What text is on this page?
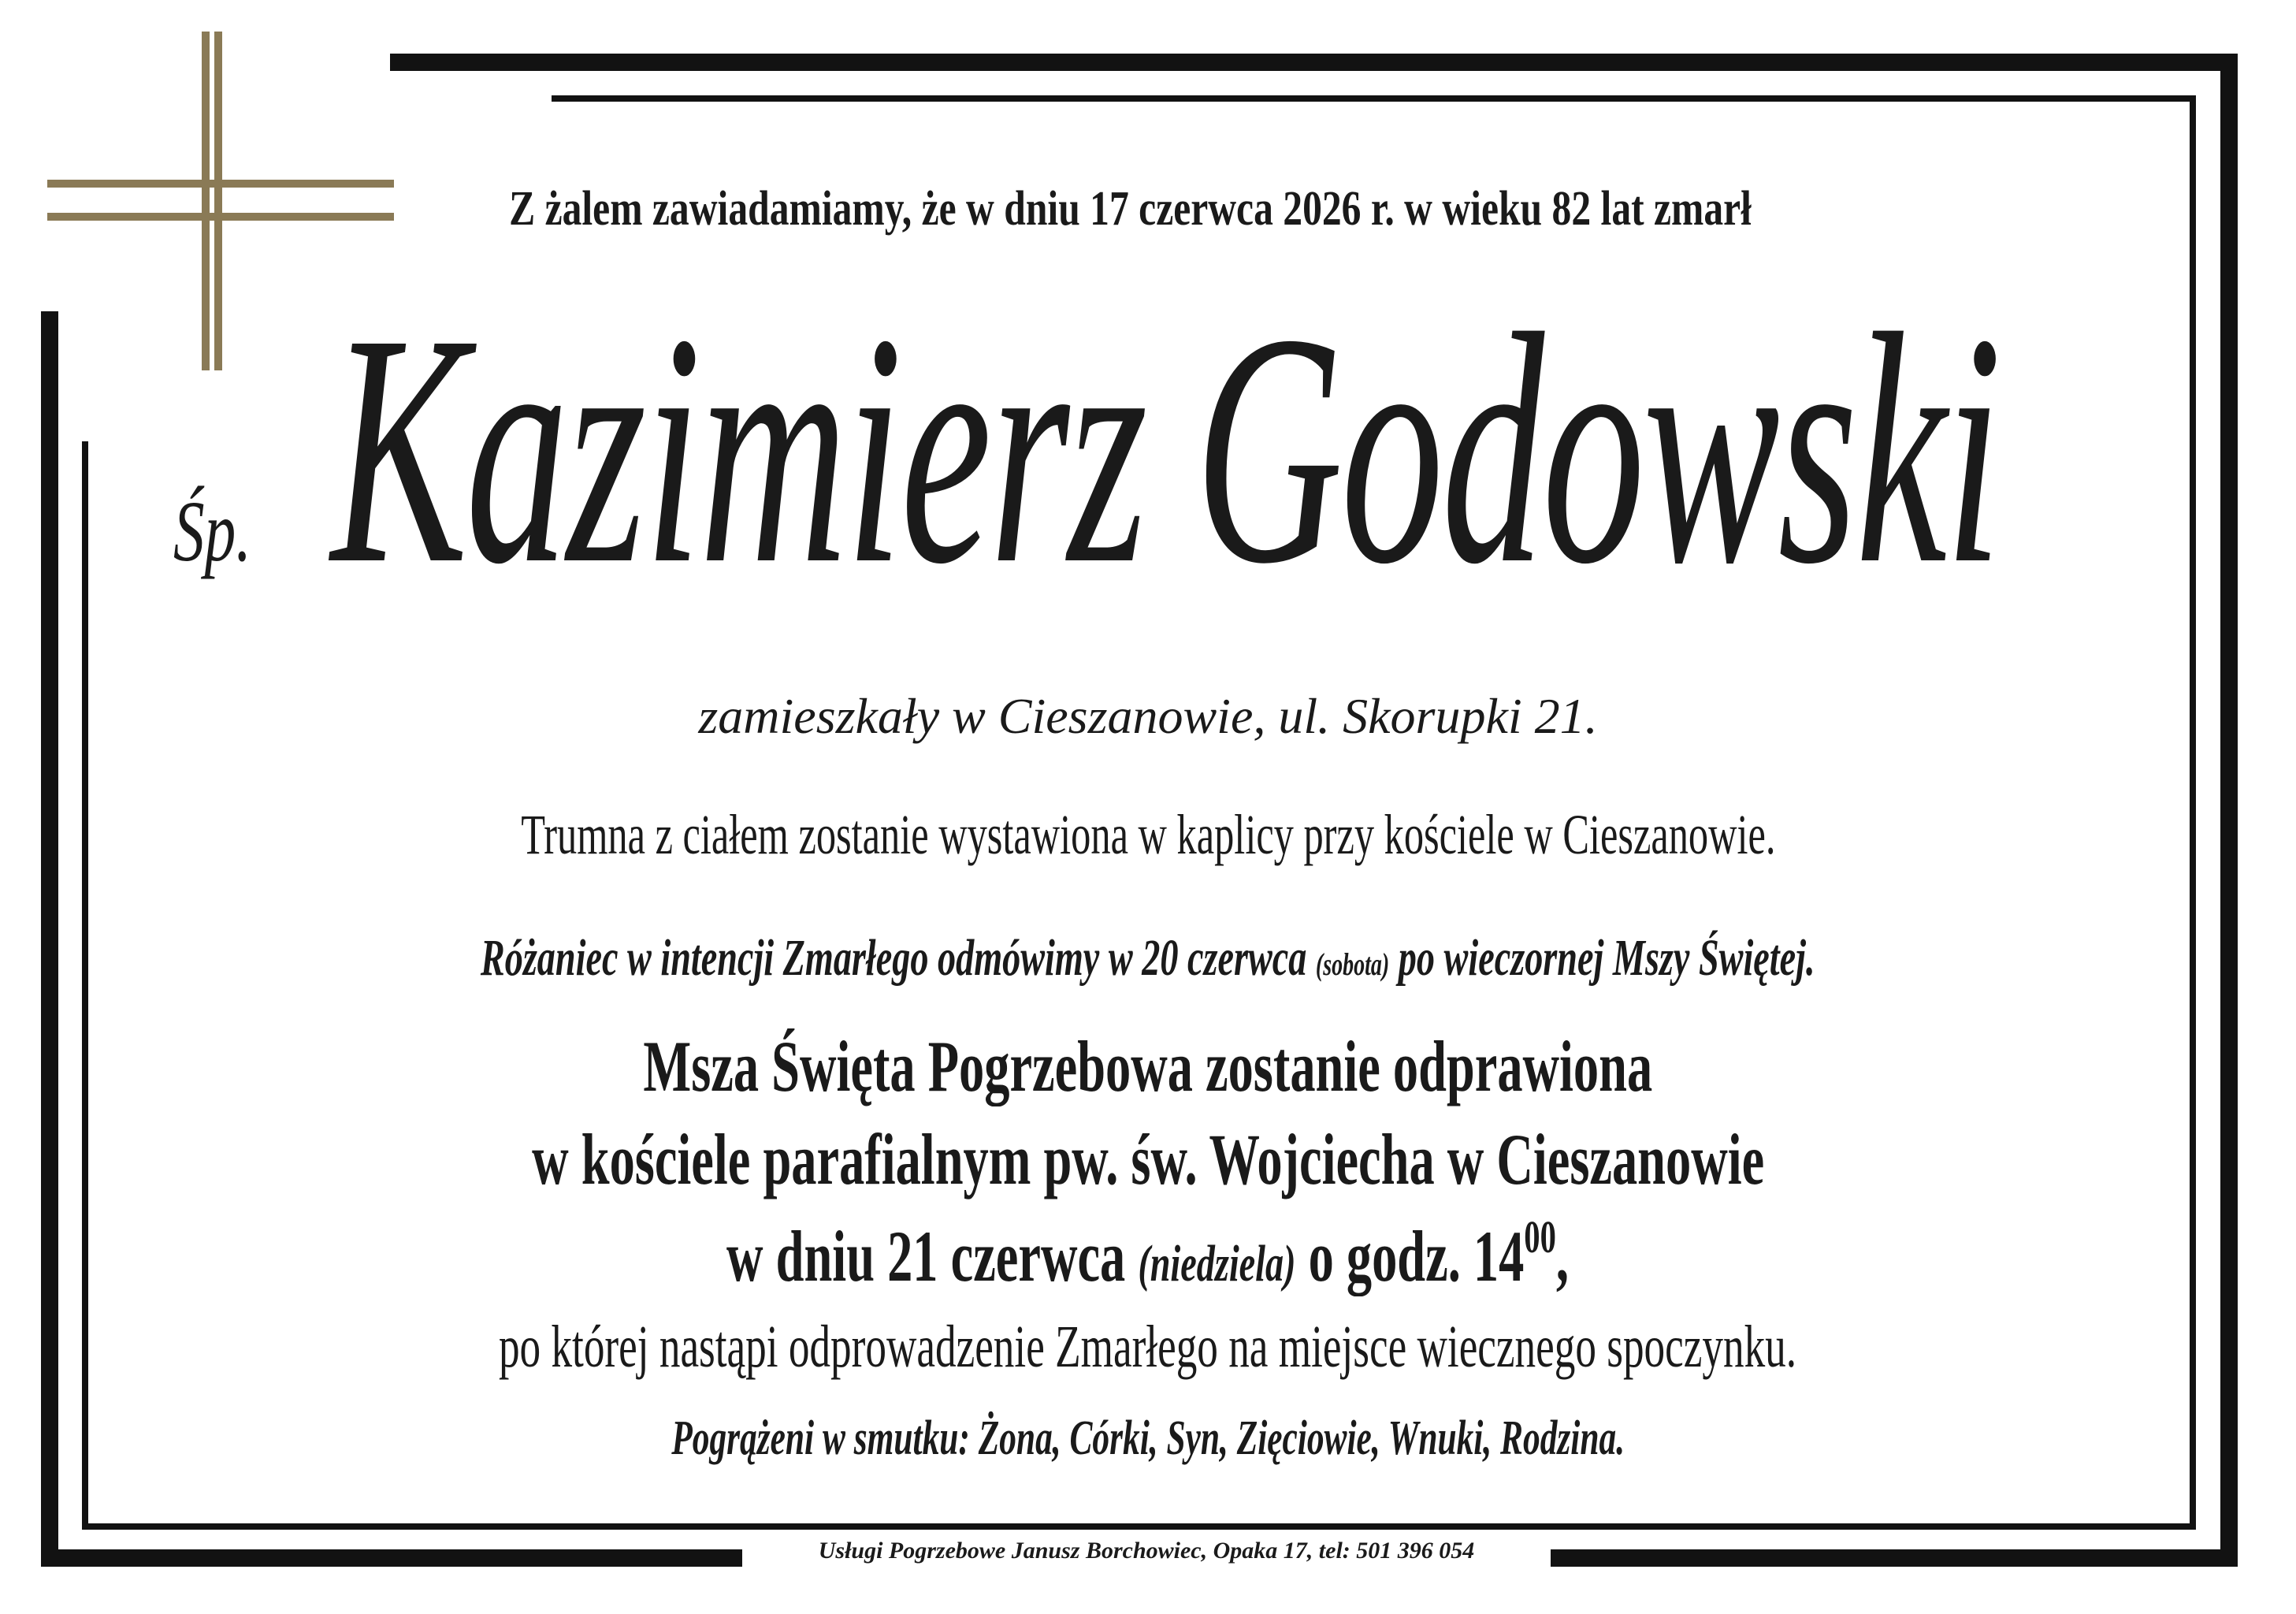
Z żalem zawiadamiamy, że w dniu 17 czerwca 2026 r. w wieku 82 lat zmarł
Śp. Kazimierz Godowski
zamieszkały w Cieszanowie, ul. Skorupki 21.
Trumna z ciałem zostanie wystawiona w kaplicy przy kościele w Cieszanowie.
Różaniec w intencji Zmarłego odmówimy w 20 czerwca (sobota) po wieczornej Mszy Świętej.
Msza Święta Pogrzebowa zostanie odprawiona
w kościele parafialnym pw. św. Wojciecha w Cieszanowie
w dniu 21 czerwca (niedziela) o godz. $14^{00}$,
po której nastąpi odprowadzenie Zmarłego na miejsce wiecznego spoczynku.
Pogrążeni w smutku: Żona, Córki, Syn, Zięciowie, Wnuki, Rodzina.
Usługi Pogrzebowe Janusz Borchowiec, Opaka 17, tel: 501 396 054
